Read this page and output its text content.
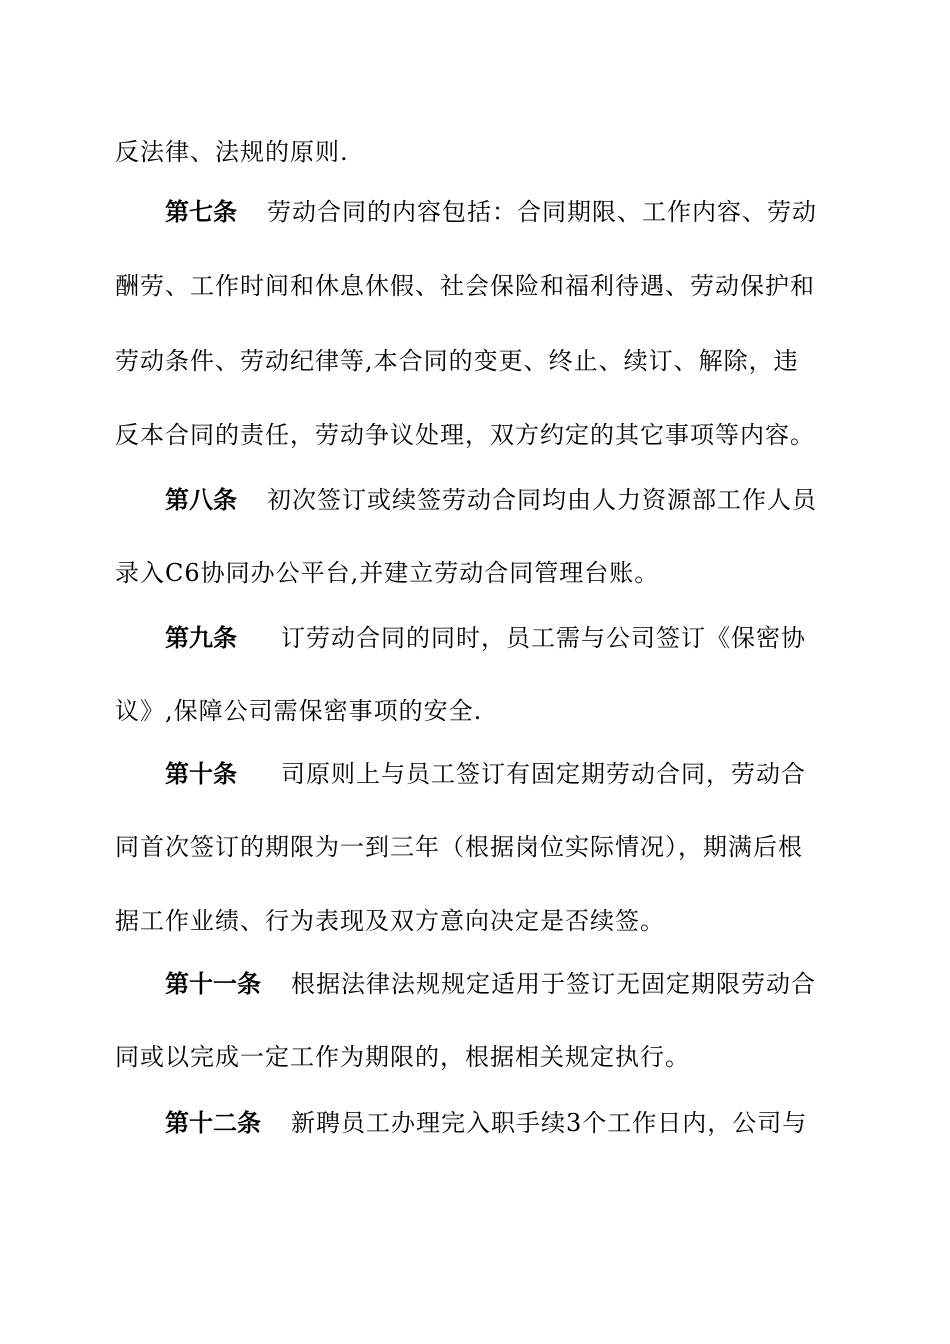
反法律、法规的原则.
第七条 劳动合同的内容包括：合同期限、工作内容、劳动
酬劳、工作时间和休息休假、社会保险和福利待遇、劳动保护和
劳动条件、劳动纪律等,本合同的变更、终止、续订、解除，违
反本合同的责任，劳动争议处理，双方约定的其它事项等内容。
第八条 初次签订或续签劳动合同均由人力资源部工作人员
录入C6协同办公平台,并建立劳动合同管理台账。
第九条 订劳动合同的同时，员工需与公司签订《保密协
议》,保障公司需保密事项的安全.
第十条 司原则上与员工签订有固定期劳动合同，劳动合
同首次签订的期限为一到三年（根据岗位实际情况），期满后根
据工作业绩、行为表现及双方意向决定是否续签。
第十一条 根据法律法规规定适用于签订无固定期限劳动合
同或以完成一定工作为期限的，根据相关规定执行。
第十二条 新聘员工办理完入职手续3个工作日内，公司与
